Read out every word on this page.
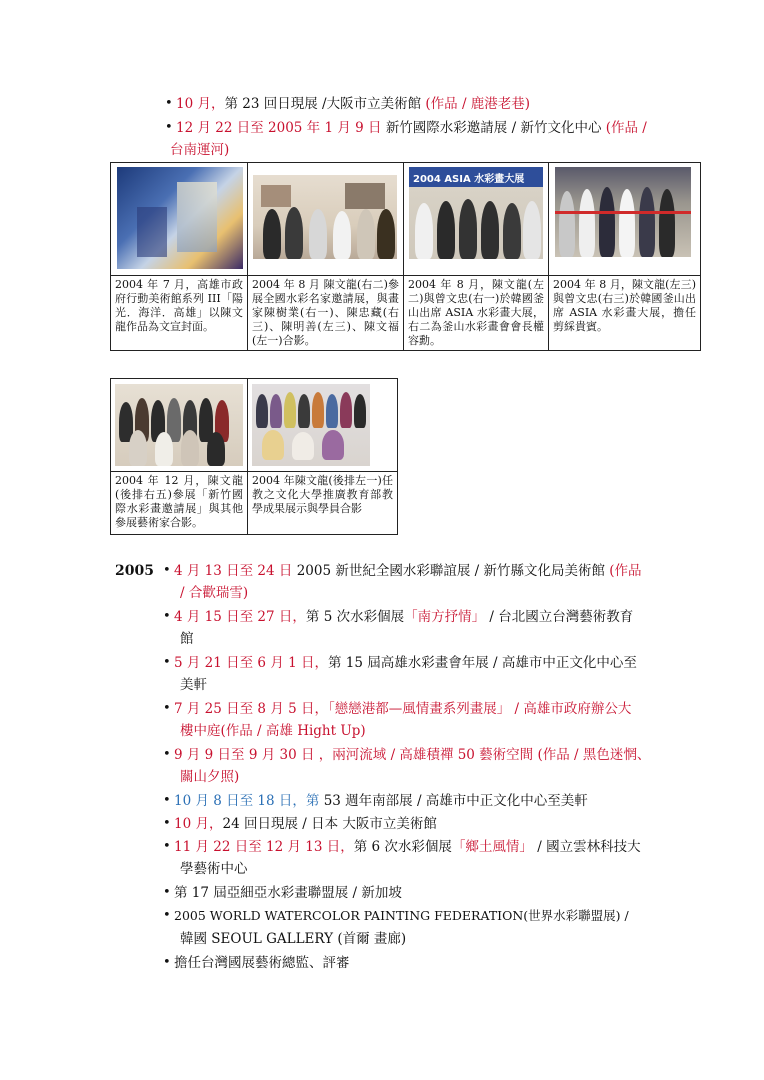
• 10 月，第 23 回日現展 /大阪市立美術館 (作品 / 鹿港老巷)
• 12 月 22 日至 2005 年 1 月 9 日 新竹國際水彩邀請展 / 新竹文化中心 (作品 /
台南運河)

		2004 ASIA 水彩畫大展	

2004 年 7 月，高雄市政府行動美術館系列 III「陽光．海洋．高雄」以陳文龍作品為文宣封面。	2004 年 8 月 陳文龍(右二)參展全國水彩名家邀請展，與畫家陳樹業(右一)、陳忠藏(右三)、陳明善(左三)、陳文福(左一)合影。	2004 年 8 月，陳文龍(左二)與曾文忠(右一)於韓國釜山出席 ASIA 水彩畫大展，右二為釜山水彩畫會會長權容勳。	2004 年 8 月，陳文龍(左三)與曾文忠(右三)於韓國釜山出席 ASIA 水彩畫大展，擔任剪綵貴賓。

2004 年 12 月，陳文龍(後排右五)參展「新竹國際水彩畫邀請展」與其他參展藝術家合影。	2004 年陳文龍(後排左一)任教之文化大學推廣教育部教學成果展示與學員合影
2005 • 4 月 13 日至 24 日 2005 新世紀全國水彩聯誼展 / 新竹縣文化局美術館 (作品
/ 合歡瑞雪)
• 4 月 15 日至 27 日，第 5 次水彩個展「南方抒情」 / 台北國立台灣藝術教育
館
• 5 月 21 日至 6 月 1 日，第 15 屆高雄水彩畫會年展 / 高雄市中正文化中心至
美軒
• 7 月 25 日至 8 月 5 日，「戀戀港都—風情畫系列畫展」 / 高雄市政府辦公大
樓中庭(作品 / 高雄 Hight Up)
• 9 月 9 日至 9 月 30 日 ，兩河流域 / 高雄積禪 50 藝術空間 (作品 / 黑色迷惘、
關山夕照)
• 10 月 8 日至 18 日，第 53 週年南部展 / 高雄市中正文化中心至美軒
• 10 月，24 回日現展 / 日本 大阪市立美術館
• 11 月 22 日至 12 月 13 日，第 6 次水彩個展「鄉土風情」 / 國立雲林科技大
學藝術中心
• 第 17 屆亞細亞水彩畫聯盟展 / 新加坡
• 2005 WORLD WATERCOLOR PAINTING FEDERATION(世界水彩聯盟展) /
韓國 SEOUL GALLERY (首爾 畫廊)
• 擔任台灣國展藝術總監、評審
